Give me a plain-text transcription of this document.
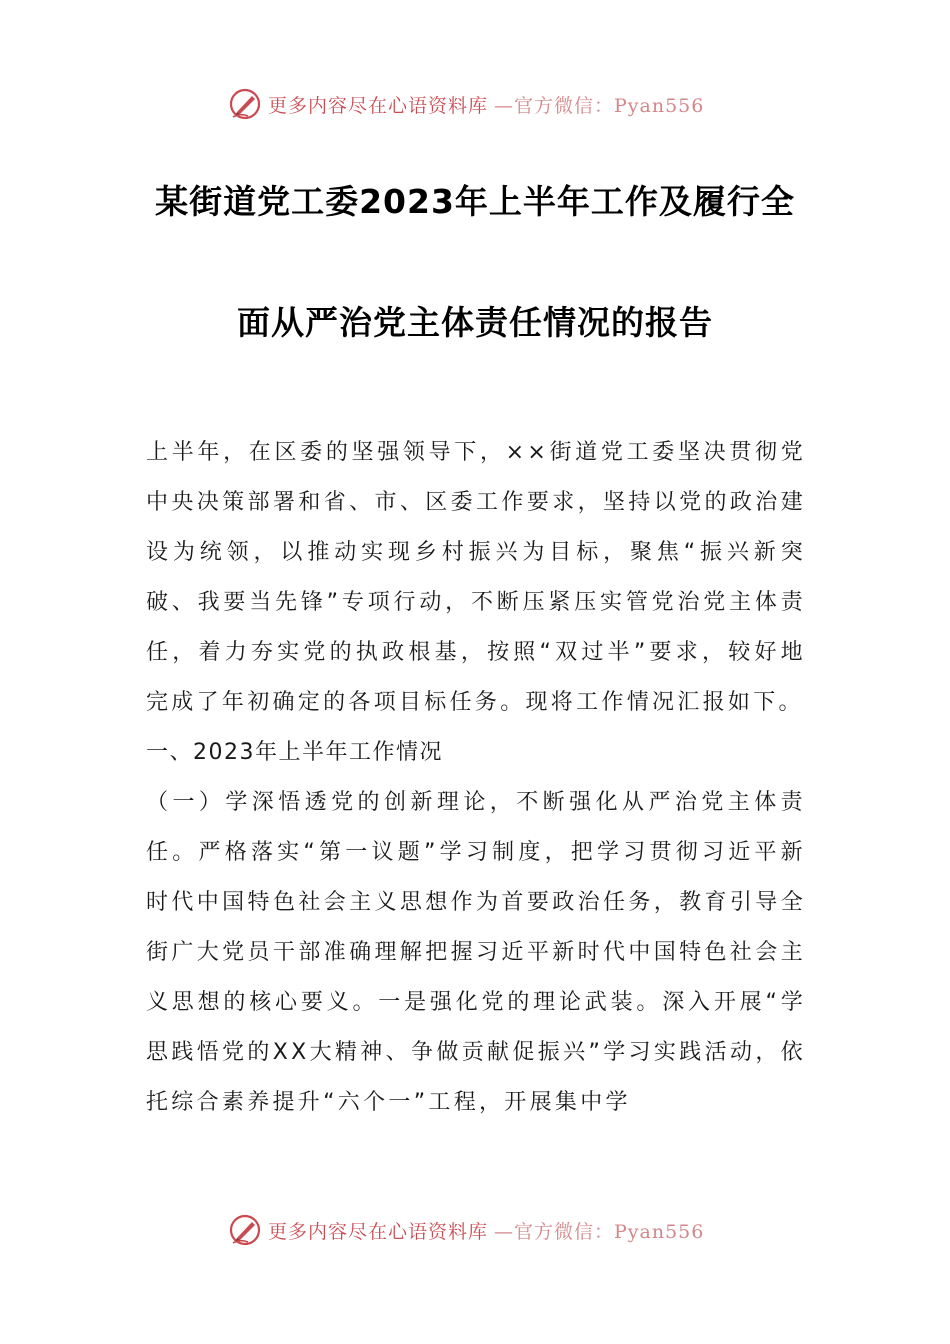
更多内容尽在心语资料库 —官方微信：Pyan556
某街道党工委2023年上半年工作及履行全
面从严治党主体责任情况的报告

上半年，在区委的坚强领导下，××街道党工委坚决贯彻党中央决策部署和省、市、区委工作要求，坚持以党的政治建设为统领，以推动实现乡村振兴为目标，聚焦“振兴新突破、我要当先锋”专项行动，不断压紧压实管党治党主体责任，着力夯实党的执政根基，按照“双过半”要求，较好地完成了年初确定的各项目标任务。现将工作情况汇报如下。

一、2023年上半年工作情况

（一）学深悟透党的创新理论，不断强化从严治党主体责任。严格落实“第一议题”学习制度，把学习贯彻习近平新时代中国特色社会主义思想作为首要政治任务，教育引导全街广大党员干部准确理解把握习近平新时代中国特色社会主义思想的核心要义。一是强化党的理论武装。深入开展“学思践悟党的XX大精神、争做贡献促振兴”学习实践活动，依托综合素养提升“六个一”工程，开展集中学

更多内容尽在心语资料库 —官方微信：Pyan556
